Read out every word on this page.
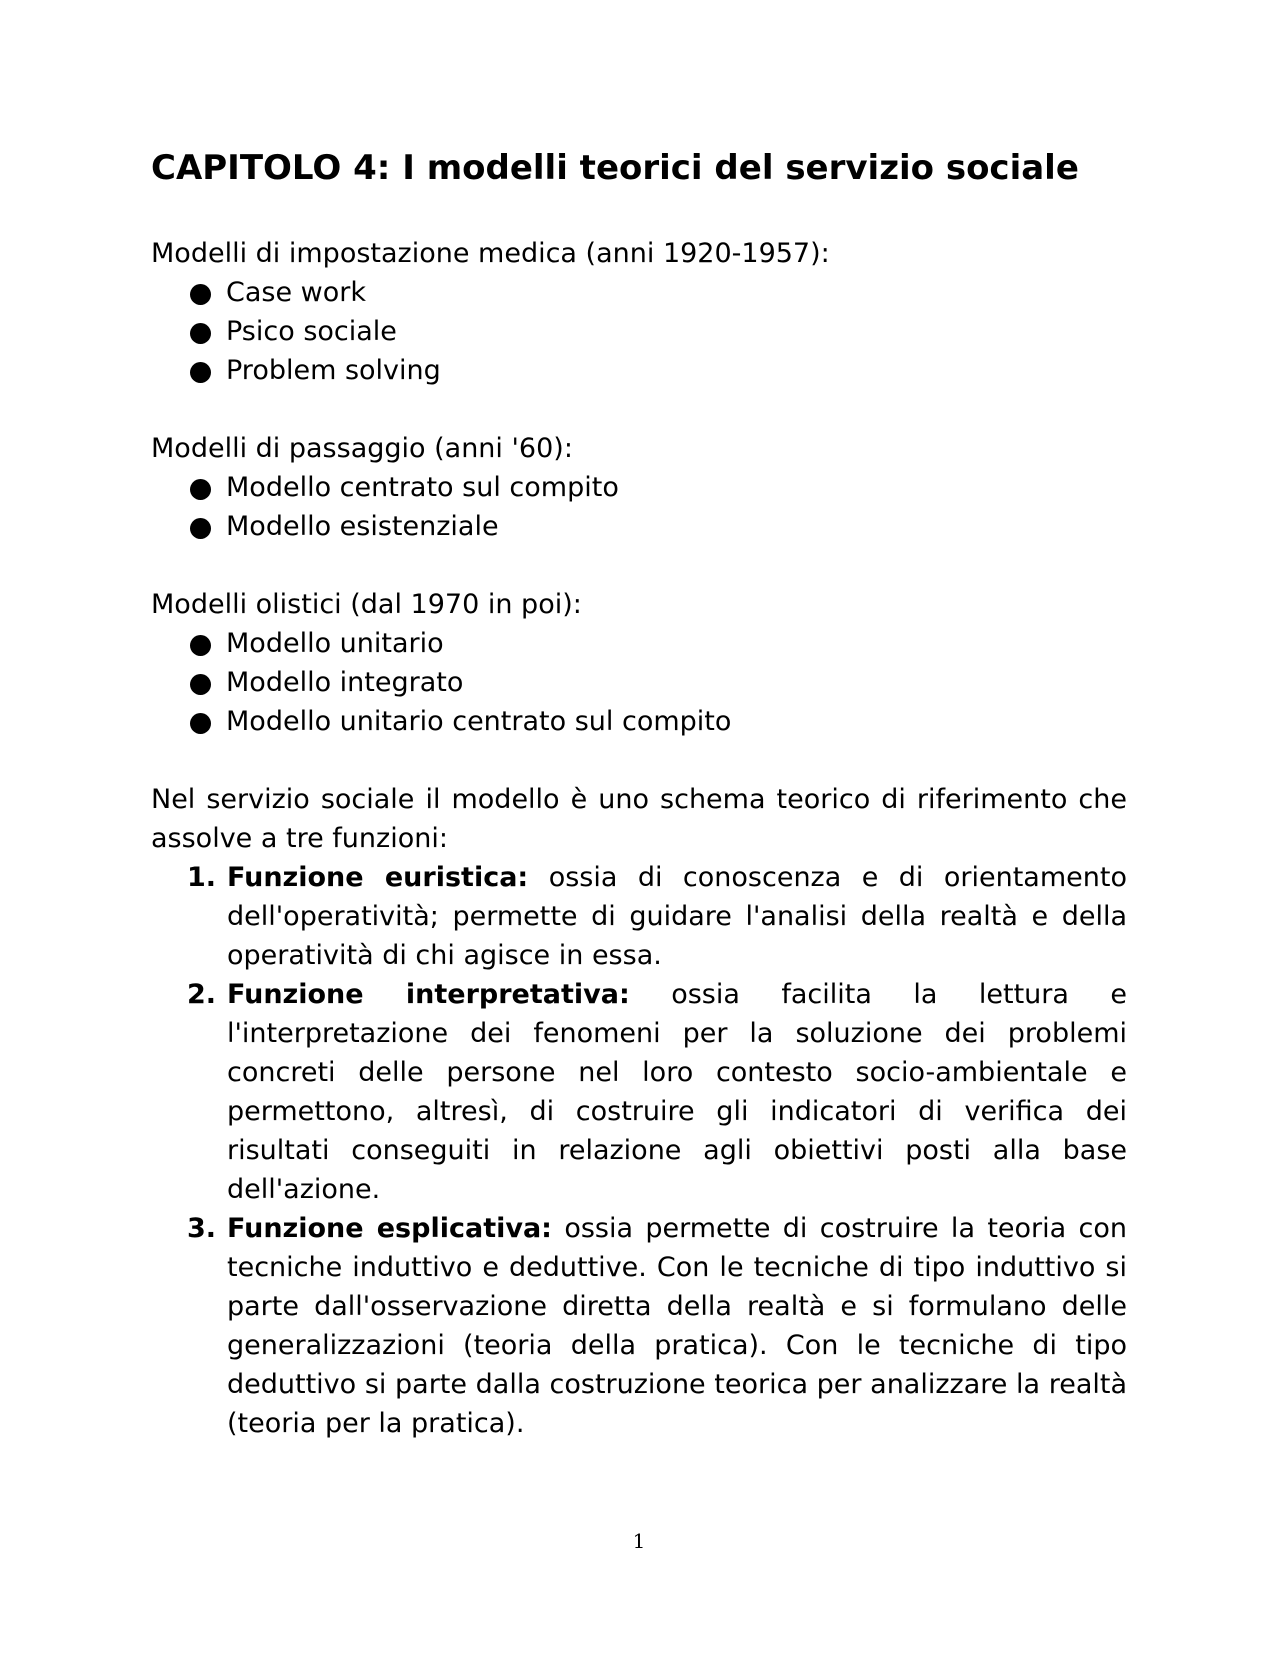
CAPITOLO 4: I modelli teorici del servizio sociale

Modelli di impostazione medica (anni 1920-1957):

Case work
Psico sociale
Problem solving

Modelli di passaggio (anni '60):

Modello centrato sul compito
Modello esistenziale

Modelli olistici (dal 1970 in poi):

Modello unitario
Modello integrato
Modello unitario centrato sul compito

Nel servizio sociale il modello è uno schema teorico di riferimento che assolve a tre funzioni:

1. Funzione euristica: ossia di conoscenza e di orientamento dell'operatività; permette di guidare l'analisi della realtà e della operatività di chi agisce in essa.
2. Funzione interpretativa: ossia facilita la lettura e l'interpretazione dei fenomeni per la soluzione dei problemi concreti delle persone nel loro contesto socio-ambientale e permettono, altresì, di costruire gli indicatori di verifica dei risultati conseguiti in relazione agli obiettivi posti alla base dell'azione.
3. Funzione esplicativa: ossia permette di costruire la teoria con tecniche induttivo e deduttive. Con le tecniche di tipo induttivo si parte dall'osservazione diretta della realtà e si formulano delle generalizzazioni (teoria della pratica). Con le tecniche di tipo deduttivo si parte dalla costruzione teorica per analizzare la realtà (teoria per la pratica).
1
